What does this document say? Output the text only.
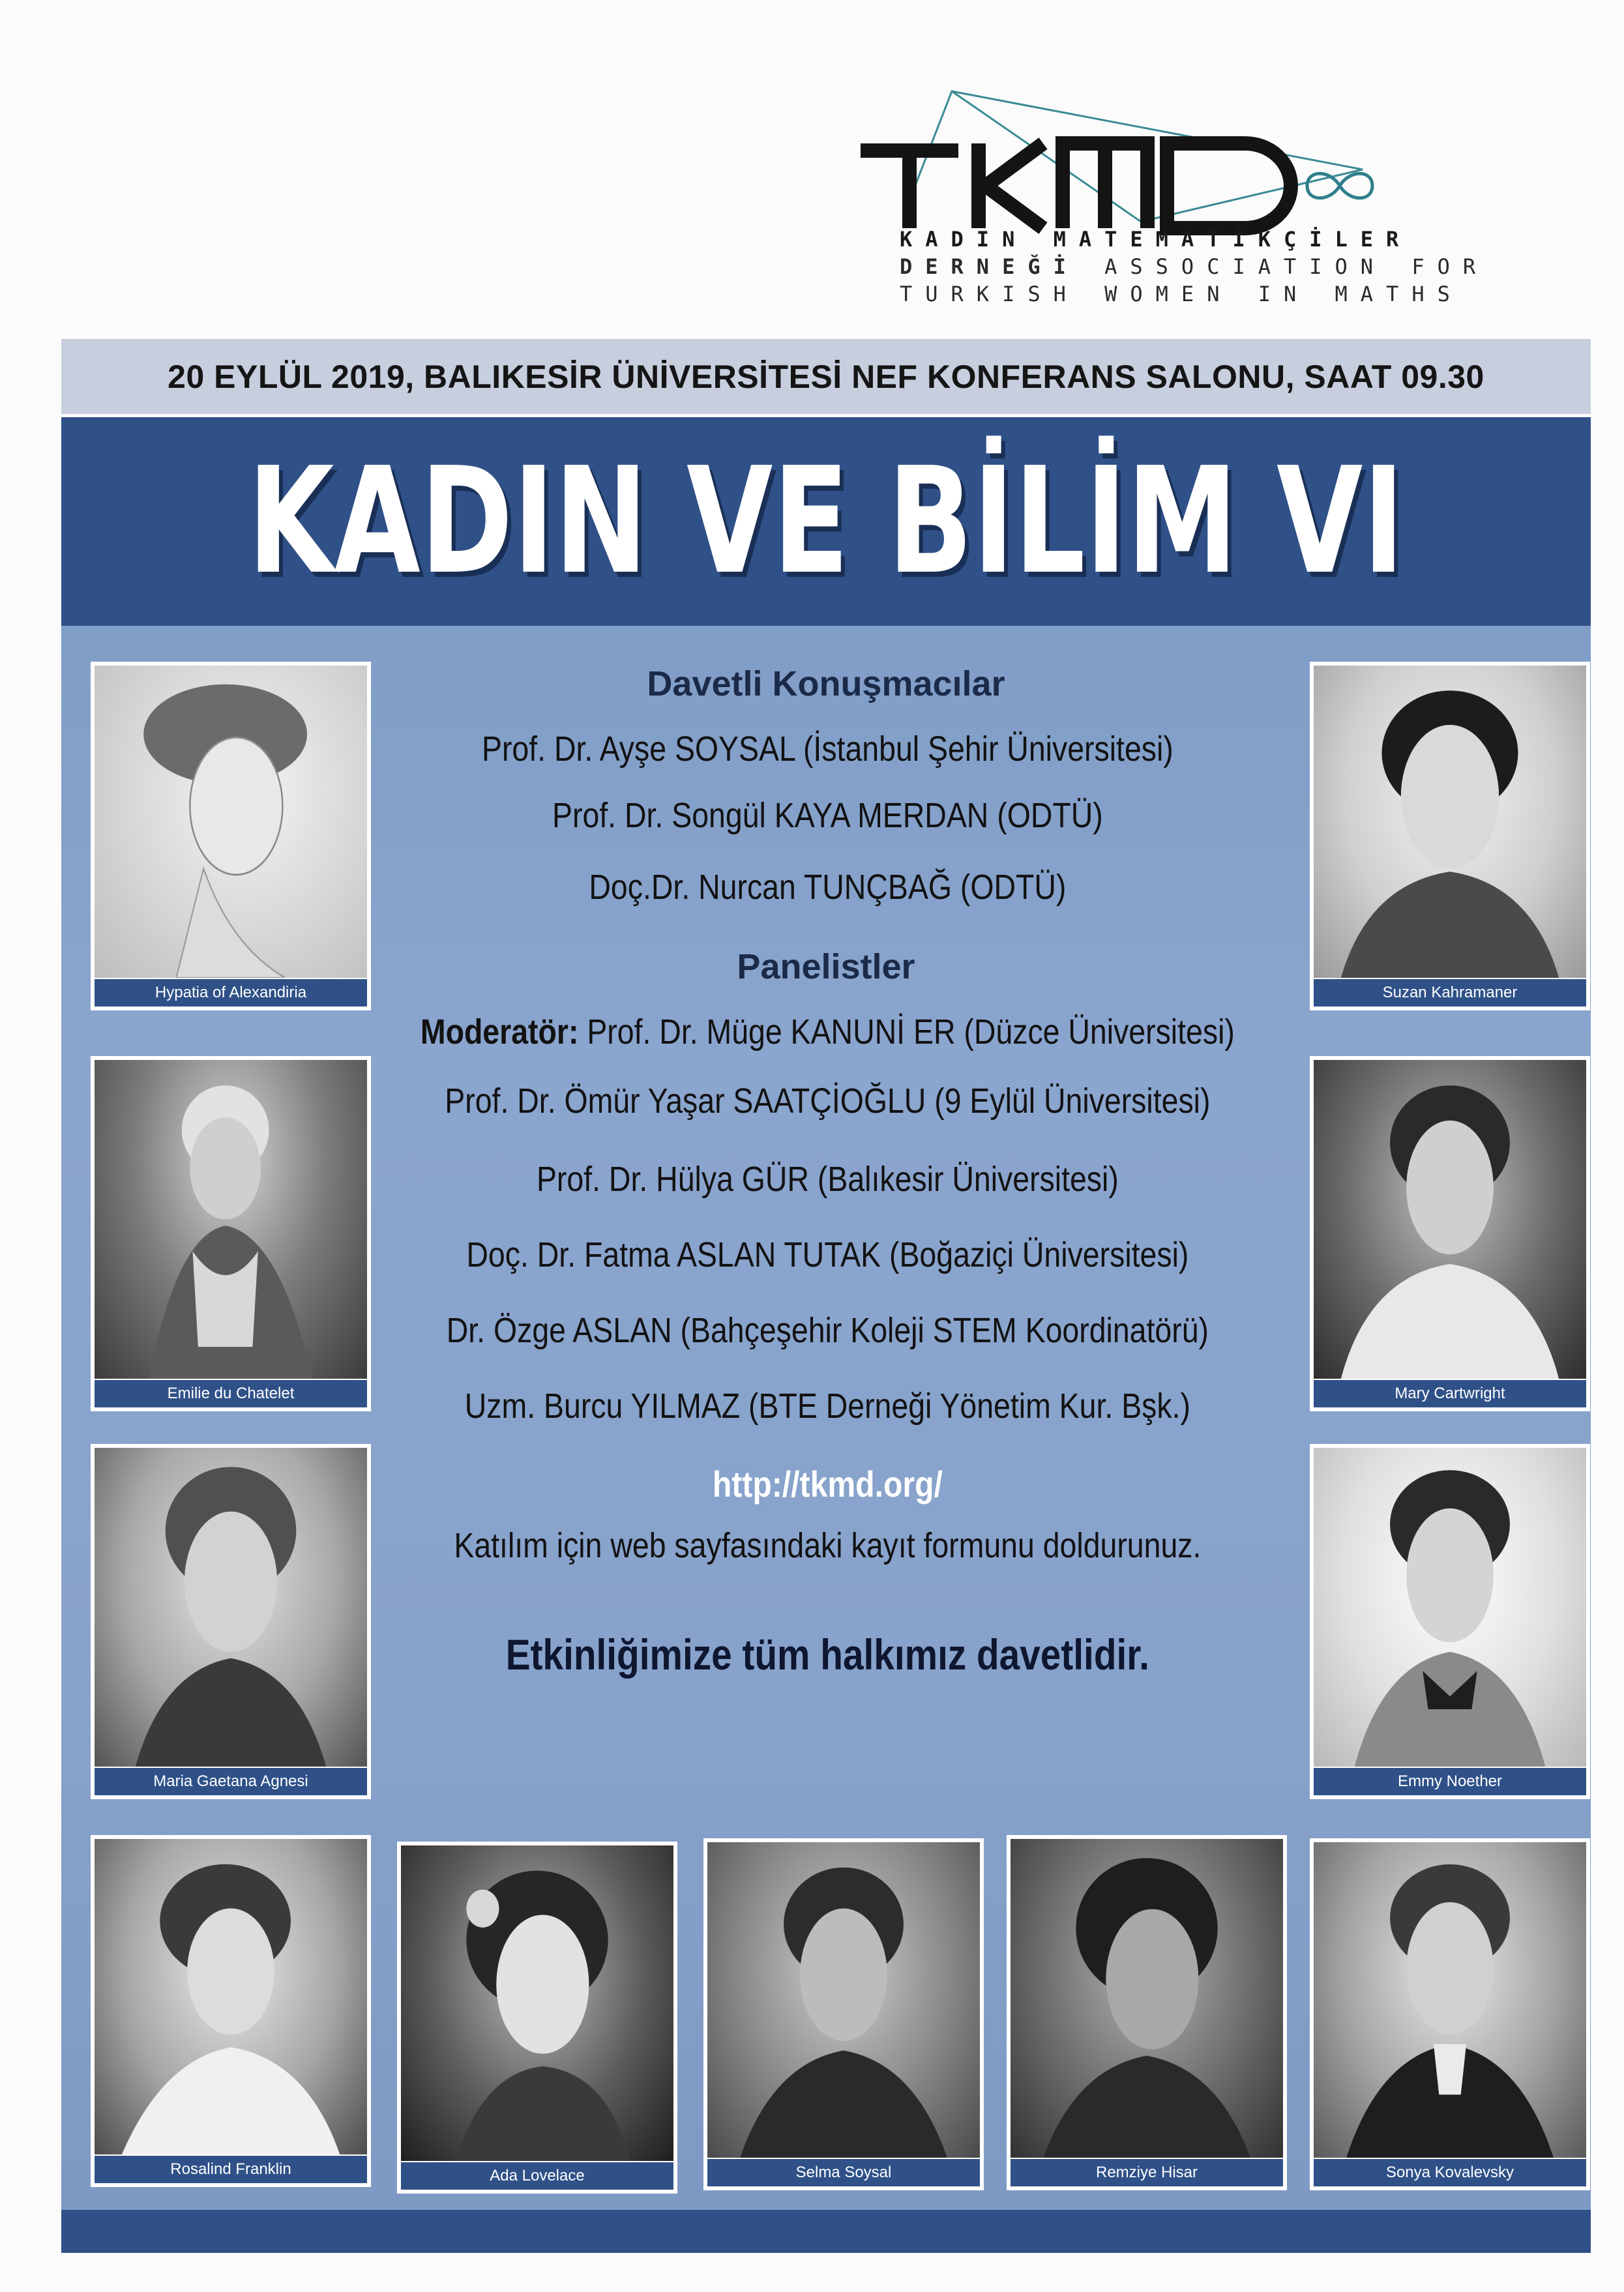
KADIN MATEMATİKÇİLER
DERNEĞİ ASSOCIATION FOR
TURKISH WOMEN IN MATHS
20 EYLÜL 2019, BALIKESİR ÜNİVERSİTESİ NEF KONFERANS SALONU, SAAT 09.30
KADIN VE BİLİM VI
Hypatia of Alexandiria
Emilie du Chatelet
Maria Gaetana Agnesi
Suzan Kahramaner
Mary Cartwright
Emmy Noether
Rosalind Franklin	Ada Lovelace	Selma Soysal	Remziye Hisar	Sonya Kovalevsky
Davetli Konuşmacılar
Prof. Dr. Ayşe SOYSAL (İstanbul Şehir Üniversitesi)
Prof. Dr. Songül KAYA MERDAN (ODTÜ)
Doç.Dr. Nurcan TUNÇBAĞ (ODTÜ)
Panelistler
Moderatör: Prof. Dr. Müge KANUNİ ER (Düzce Üniversitesi)
Prof. Dr. Ömür Yaşar SAATÇİOĞLU (9 Eylül Üniversitesi)
Prof. Dr. Hülya GÜR (Balıkesir Üniversitesi)
Doç. Dr. Fatma ASLAN TUTAK (Boğaziçi Üniversitesi)
Dr. Özge ASLAN (Bahçeşehir Koleji STEM Koordinatörü)
Uzm. Burcu YILMAZ (BTE Derneği Yönetim Kur. Bşk.)
http://tkmd.org/
Katılım için web sayfasındaki kayıt formunu doldurunuz.
Etkinliğimize tüm halkımız davetlidir.
